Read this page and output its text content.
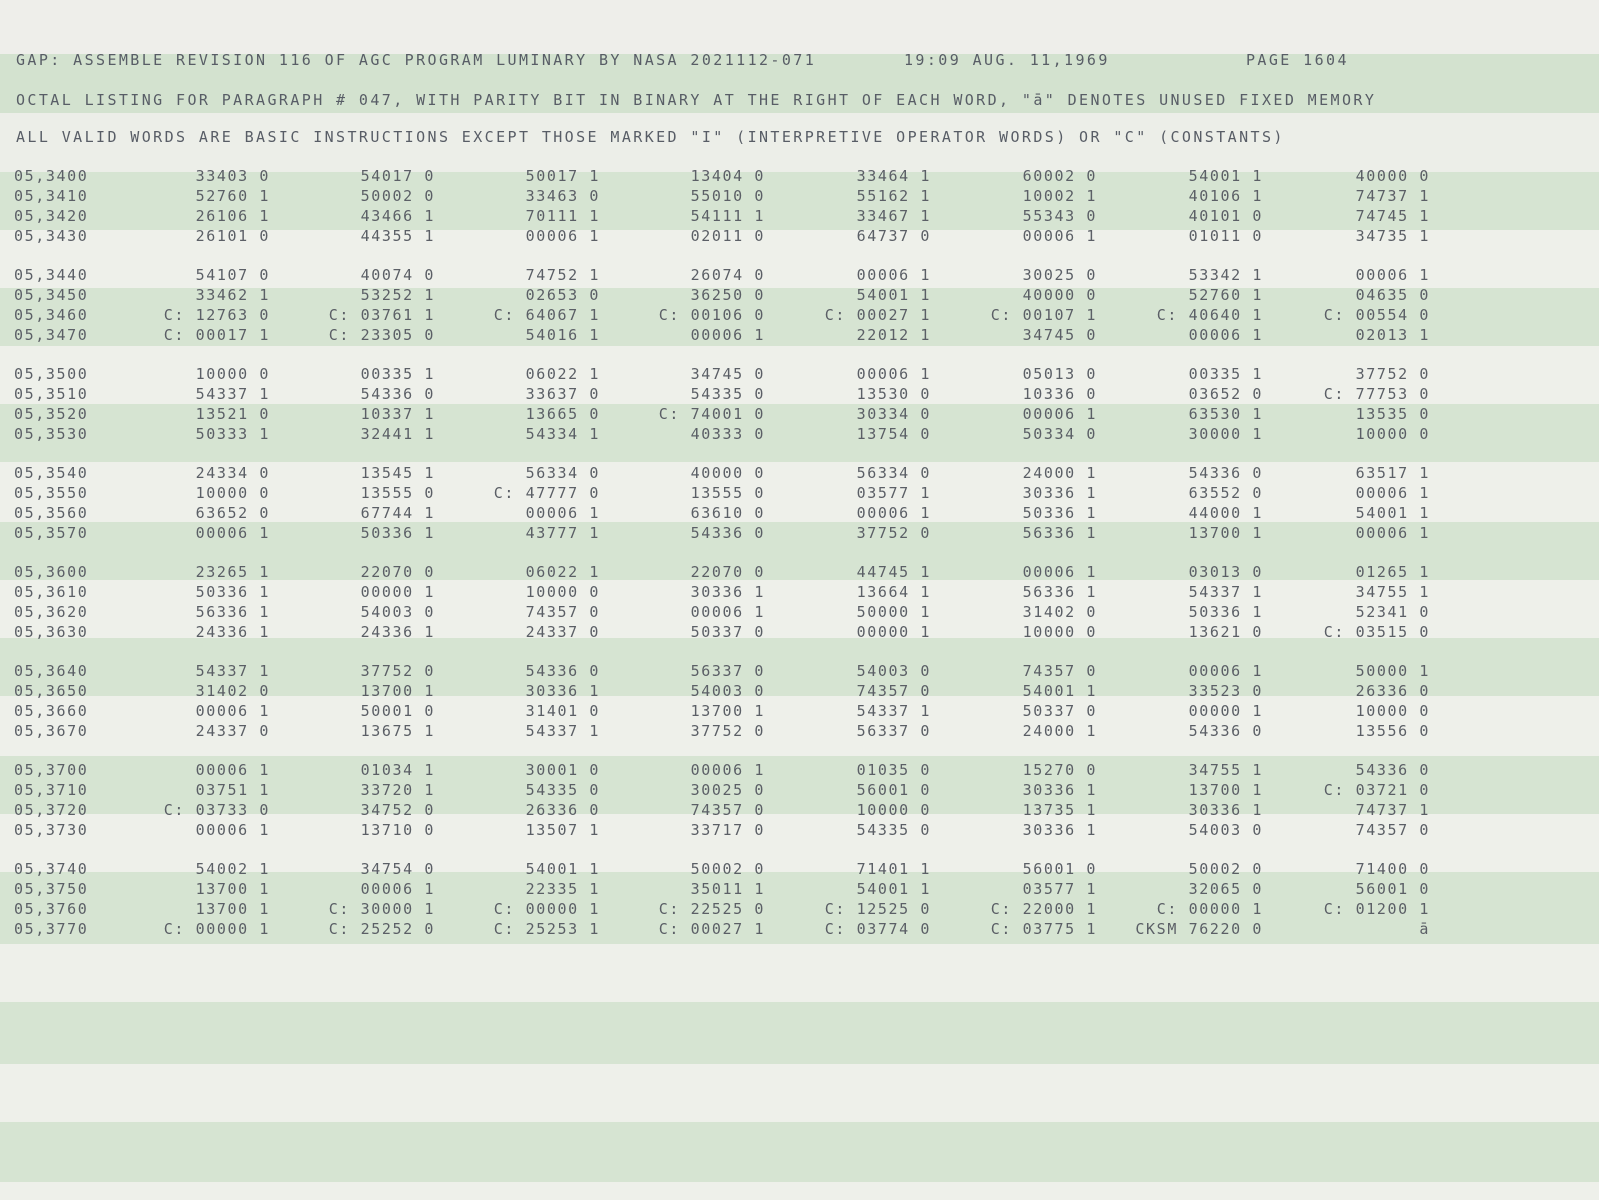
GAP: ASSEMBLE REVISION 116 OF AGC PROGRAM LUMINARY BY NASA 2021112-071	19:09 AUG. 11,1969	PAGE 1604
OCTAL LISTING FOR PARAGRAPH # 047, WITH PARITY BIT IN BINARY AT THE RIGHT OF EACH WORD, "ā" DENOTES UNUSED FIXED MEMORY
ALL VALID WORDS ARE BASIC INSTRUCTIONS EXCEPT THOSE MARKED "I" (INTERPRETIVE OPERATOR WORDS) OR "C" (CONSTANTS)
05,3400	33403 0	54017 0	50017 1	13404 0	33464 1	60002 0	54001 1	40000 0
05,3410	52760 1	50002 0	33463 0	55010 0	55162 1	10002 1	40106 1	74737 1
05,3420	26106 1	43466 1	70111 1	54111 1	33467 1	55343 0	40101 0	74745 1
05,3430	26101 0	44355 1	00006 1	02011 0	64737 0	00006 1	01011 0	34735 1
05,3440	54107 0	40074 0	74752 1	26074 0	00006 1	30025 0	53342 1	00006 1
05,3450	33462 1	53252 1	02653 0	36250 0	54001 1	40000 0	52760 1	04635 0
05,3460	C: 12763 0	C: 03761 1	C: 64067 1	C: 00106 0	C: 00027 1	C: 00107 1	C: 40640 1	C: 00554 0
05,3470	C: 00017 1	C: 23305 0	54016 1	00006 1	22012 1	34745 0	00006 1	02013 1
05,3500	10000 0	00335 1	06022 1	34745 0	00006 1	05013 0	00335 1	37752 0
05,3510	54337 1	54336 0	33637 0	54335 0	13530 0	10336 0	03652 0	C: 77753 0
05,3520	13521 0	10337 1	13665 0	C: 74001 0	30334 0	00006 1	63530 1	13535 0
05,3530	50333 1	32441 1	54334 1	40333 0	13754 0	50334 0	30000 1	10000 0
05,3540	24334 0	13545 1	56334 0	40000 0	56334 0	24000 1	54336 0	63517 1
05,3550	10000 0	13555 0	C: 47777 0	13555 0	03577 1	30336 1	63552 0	00006 1
05,3560	63652 0	67744 1	00006 1	63610 0	00006 1	50336 1	44000 1	54001 1
05,3570	00006 1	50336 1	43777 1	54336 0	37752 0	56336 1	13700 1	00006 1
05,3600	23265 1	22070 0	06022 1	22070 0	44745 1	00006 1	03013 0	01265 1
05,3610	50336 1	00000 1	10000 0	30336 1	13664 1	56336 1	54337 1	34755 1
05,3620	56336 1	54003 0	74357 0	00006 1	50000 1	31402 0	50336 1	52341 0
05,3630	24336 1	24336 1	24337 0	50337 0	00000 1	10000 0	13621 0	C: 03515 0
05,3640	54337 1	37752 0	54336 0	56337 0	54003 0	74357 0	00006 1	50000 1
05,3650	31402 0	13700 1	30336 1	54003 0	74357 0	54001 1	33523 0	26336 0
05,3660	00006 1	50001 0	31401 0	13700 1	54337 1	50337 0	00000 1	10000 0
05,3670	24337 0	13675 1	54337 1	37752 0	56337 0	24000 1	54336 0	13556 0
05,3700	00006 1	01034 1	30001 0	00006 1	01035 0	15270 0	34755 1	54336 0
05,3710	03751 1	33720 1	54335 0	30025 0	56001 0	30336 1	13700 1	C: 03721 0
05,3720	C: 03733 0	34752 0	26336 0	74357 0	10000 0	13735 1	30336 1	74737 1
05,3730	00006 1	13710 0	13507 1	33717 0	54335 0	30336 1	54003 0	74357 0
05,3740	54002 1	34754 0	54001 1	50002 0	71401 1	56001 0	50002 0	71400 0
05,3750	13700 1	00006 1	22335 1	35011 1	54001 1	03577 1	32065 0	56001 0
05,3760	13700 1	C: 30000 1	C: 00000 1	C: 22525 0	C: 12525 0	C: 22000 1	C: 00000 1	C: 01200 1
05,3770	C: 00000 1	C: 25252 0	C: 25253 1	C: 00027 1	C: 03774 0	C: 03775 1	CKSM 76220 0	ā
